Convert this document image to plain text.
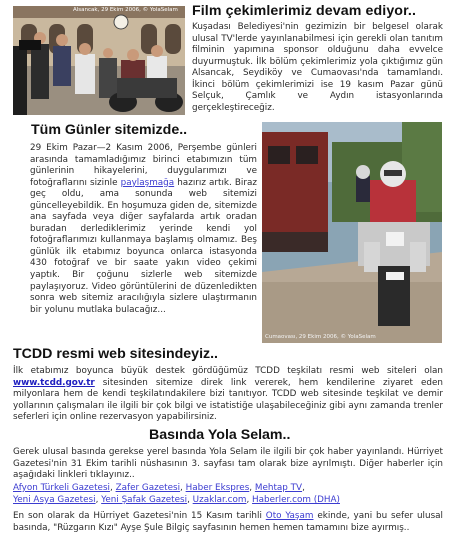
Alsancak, 29 Ekim 2006, © YolaSelam Film çekimlerimiz devam ediyor..

Kuşadası Belediyesi'nin gezimizin bir belgesel olarak ulusal TV'lerde yayınlanabilmesi için gerekli olan tanıtım filminin yapımına sponsor olduğunu daha evvelce duyurmuştuk. İlk bölüm çekimlerimiz yola çıktığımız gün Alsancak, Seydiköy ve Cumaovası'nda tamamlandı. İkinci bölüm çekimlerimizi ise 19 kasım Pazar günü Selçuk, Çamlık ve Aydın istasyonlarında gerçekleştireceğiz.

Tüm Günler sitemizde..

29 Ekim Pazar—2 Kasım 2006, Perşembe günleri arasında tamamladığımız birinci etabımızın tüm günlerinin hikayelerini, duygularımızı ve fotoğraflarını sizinle paylaşmağa hazırız artık. Biraz geç oldu, ama sonunda web sitemizi güncelleyebildik. En hoşumuza giden de, sitemizde ana sayfada veya diğer sayfalarda artık oradan buradan derlediklerimiz yerinde kendi yol fotoğraflarımızı kullanmaya başlamış olmamız. Beş günlük ilk etabımız boyunca onlarca istasyonda 430 fotoğraf ve bir saate yakın video çekimi yaptık. Bir çoğunu sizlerle web sitemizde paylaşıyoruz. Video görüntülerini de düzenledikten sonra web sitemiz aracılığıyla sizlere ulaştırmanın bir yolunu mutlaka bulacağız...

Cumaovası, 29 Ekim 2006, © YolaSelam
TCDD resmi web sitesindeyiz..

İlk etabımız boyunca büyük destek gördüğümüz TCDD teşkilatı resmi web siteleri olan www.tcdd.gov.tr sitesinden sitemize direk link vererek, hem kendilerine ziyaret eden milyonlara hem de kendi teşkilatındakilere bizi tanıtıyor. TCDD web sitesinde teşkilat ve demir yollarının çalışmaları ile ilgili bir çok bilgi ve istatistiğe ulaşabileceğiniz gibi aynı zamanda trenler seferleri için online rezervasyon yapabilirsiniz.

Basında Yola Selam..

Gerek ulusal basında gerekse yerel basında Yola Selam ile ilgili bir çok haber yayınlandı. Hürriyet Gazetesi'nin 31 Ekim tarihli nüshasının 3. sayfası tam olarak bize ayrılmıştı. Diğer haberler için aşağıdaki linkleri tıklayınız..

Afyon Türkeli Gazetesi, Zafer Gazetesi, Haber Ekspres, Mehtap TV,
Yeni Asya Gazetesi, Yeni Şafak Gazetesi, Uzaklar.com, Haberler.com (DHA)

En son olarak da Hürriyet Gazetesi'nin 15 Kasım tarihli Oto Yaşam ekinde, yani bu sefer ulusal basında, "Rüzgarın Kızı" Ayşe Şule Bilgiç sayfasının hemen hemen tamamını bize ayırmış..
